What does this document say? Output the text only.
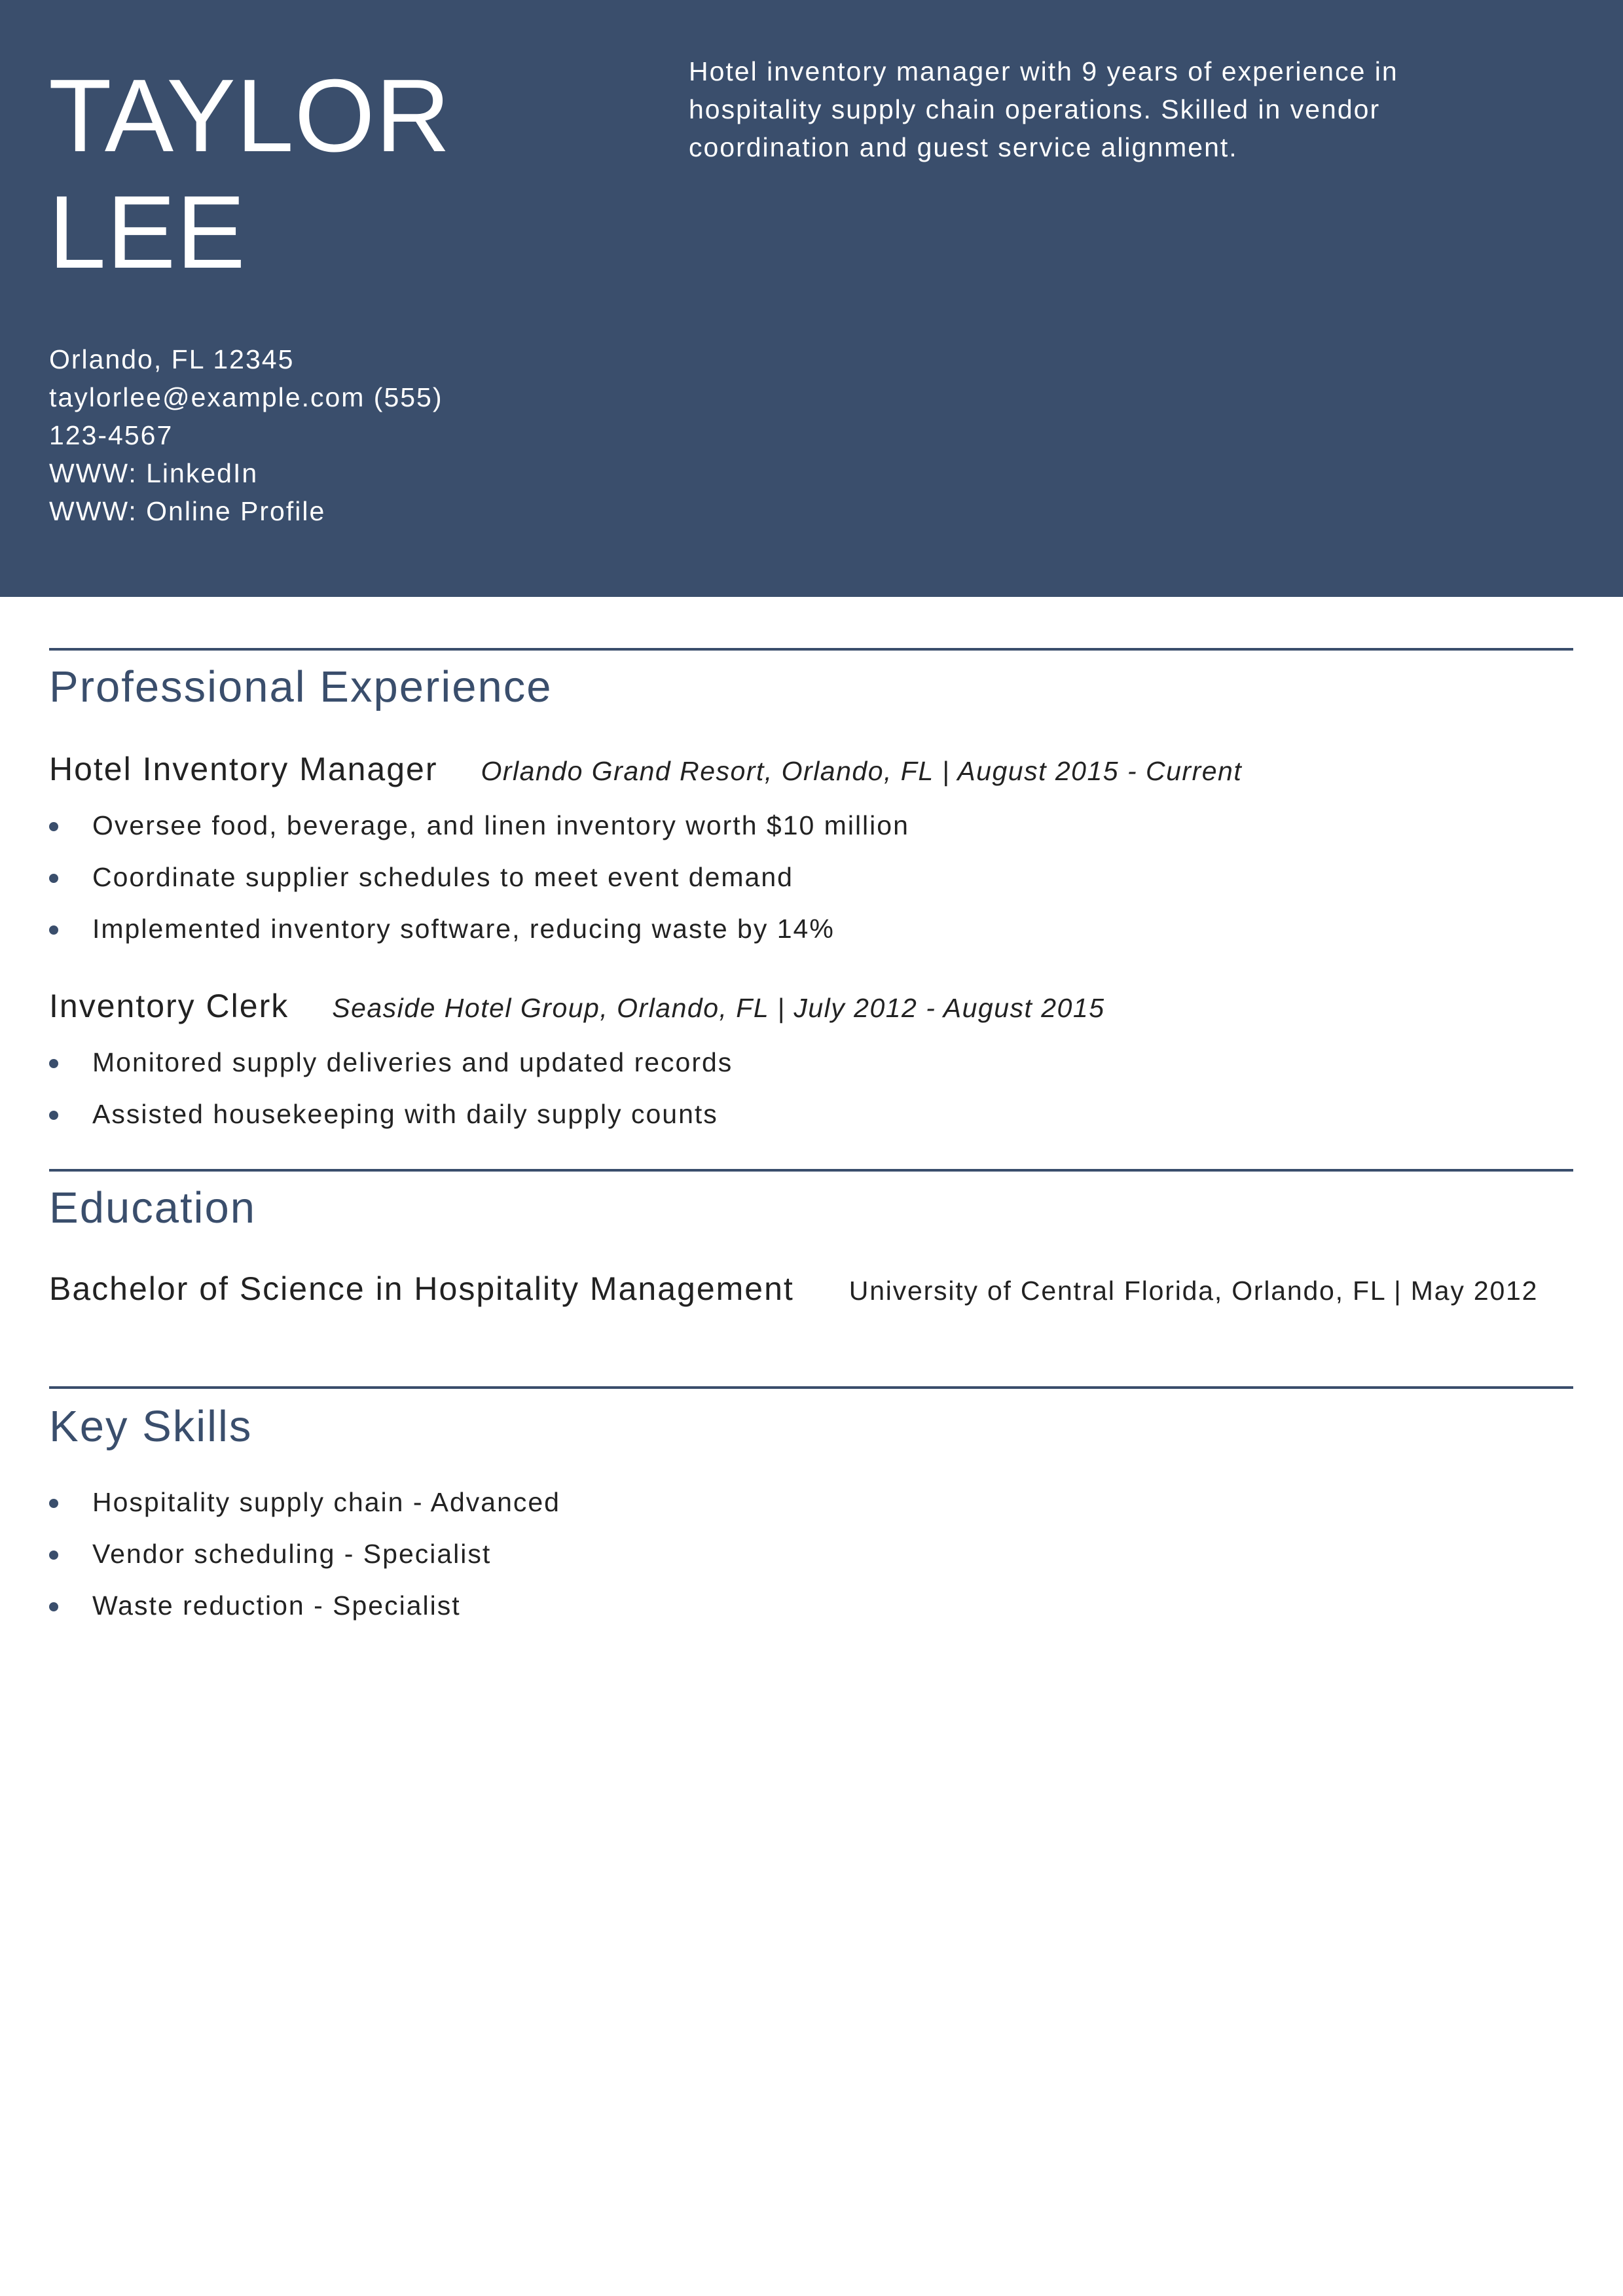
TAYLOR
LEE
Orlando, FL 12345
taylorlee@example.com (555)
123-4567
WWW: LinkedIn
WWW: Online Profile
Hotel inventory manager with 9 years of experience in hospitality supply chain operations. Skilled in vendor coordination and guest service alignment.
Professional Experience
Hotel Inventory Manager Orlando Grand Resort, Orlando, FL | August 2015 - Current
Oversee food, beverage, and linen inventory worth $10 million
Coordinate supplier schedules to meet event demand
Implemented inventory software, reducing waste by 14%
Inventory Clerk Seaside Hotel Group, Orlando, FL | July 2012 - August 2015
Monitored supply deliveries and updated records
Assisted housekeeping with daily supply counts
Education
Bachelor of Science in Hospitality Management University of Central Florida, Orlando, FL | May 2012
Key Skills
Hospitality supply chain - Advanced
Vendor scheduling - Specialist
Waste reduction - Specialist
